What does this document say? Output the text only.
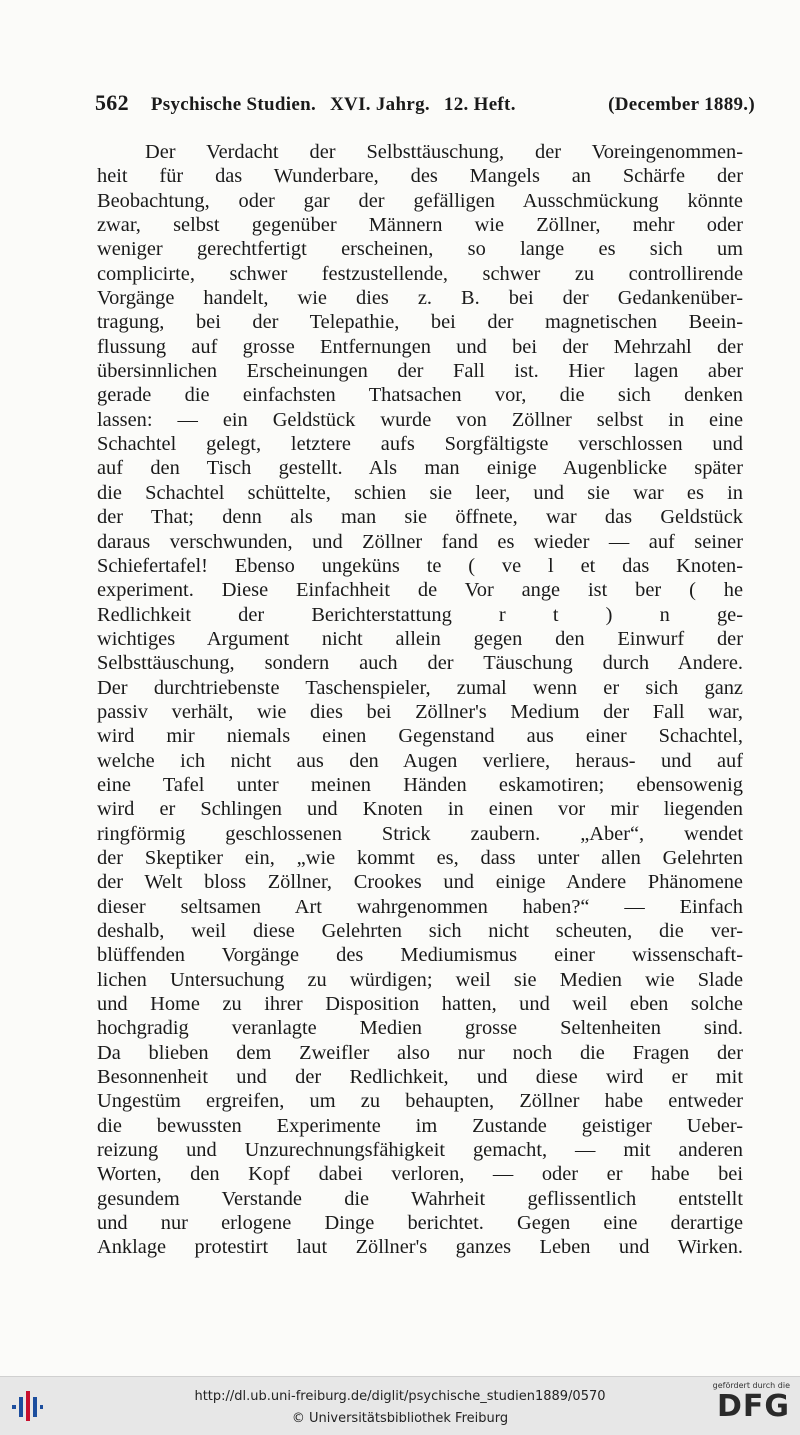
562 Psychische Studien. XVI. Jahrg. 12. Heft.	(December 1889.)
Der Verdacht der Selbsttäuschung, der Voreingenommen-
heit für das Wunderbare, des Mangels an Schärfe der
Beobachtung, oder gar der gefälligen Ausschmückung könnte
zwar, selbst gegenüber Männern wie Zöllner, mehr oder
weniger gerechtfertigt erscheinen, so lange es sich um
complicirte, schwer festzustellende, schwer zu controllirende
Vorgänge handelt, wie dies z. B. bei der Gedankenüber-
tragung, bei der Telepathie, bei der magnetischen Beein-
flussung auf grosse Entfernungen und bei der Mehrzahl der
übersinnlichen Erscheinungen der Fall ist. Hier lagen aber
gerade die einfachsten Thatsachen vor, die sich denken
lassen: — ein Geldstück wurde von Zöllner selbst in eine
Schachtel gelegt, letztere aufs Sorgfältigste verschlossen und
auf den Tisch gestellt. Als man einige Augenblicke später
die Schachtel schüttelte, schien sie leer, und sie war es in
der That; denn als man sie öffnete, war das Geldstück
daraus verschwunden, und Zöllner fand es wieder — auf seiner
Schiefertafel! Ebenso ungeküns te ( ve l et das Knoten-
experiment. Diese Einfachheit de Vor ange ist ber ( he
Redlichkeit der Berichterstattung r t ) n ge-
wichtiges Argument nicht allein gegen den Einwurf der
Selbsttäuschung, sondern auch der Täuschung durch Andere.
Der durchtriebenste Taschenspieler, zumal wenn er sich ganz
passiv verhält, wie dies bei Zöllner's Medium der Fall war,
wird mir niemals einen Gegenstand aus einer Schachtel,
welche ich nicht aus den Augen verliere, heraus- und auf
eine Tafel unter meinen Händen eskamotiren; ebensowenig
wird er Schlingen und Knoten in einen vor mir liegenden
ringförmig geschlossenen Strick zaubern. „Aber“, wendet
der Skeptiker ein, „wie kommt es, dass unter allen Gelehrten
der Welt bloss Zöllner, Crookes und einige Andere Phänomene
dieser seltsamen Art wahrgenommen haben?“ — Einfach
deshalb, weil diese Gelehrten sich nicht scheuten, die ver-
blüffenden Vorgänge des Mediumismus einer wissenschaft-
lichen Untersuchung zu würdigen; weil sie Medien wie Slade
und Home zu ihrer Disposition hatten, und weil eben solche
hochgradig veranlagte Medien grosse Seltenheiten sind.
Da blieben dem Zweifler also nur noch die Fragen der
Besonnenheit und der Redlichkeit, und diese wird er mit
Ungestüm ergreifen, um zu behaupten, Zöllner habe entweder
die bewussten Experimente im Zustande geistiger Ueber-
reizung und Unzurechnungsfähigkeit gemacht, — mit anderen
Worten, den Kopf dabei verloren, — oder er habe bei
gesundem Verstande die Wahrheit geflissentlich entstellt
und nur erlogene Dinge berichtet. Gegen eine derartige
Anklage protestirt laut Zöllner's ganzes Leben und Wirken.
http://dl.ub.uni-freiburg.de/diglit/psychische_studien1889/0570
© Universitätsbibliothek Freiburg
gefördert durch die
DFG
